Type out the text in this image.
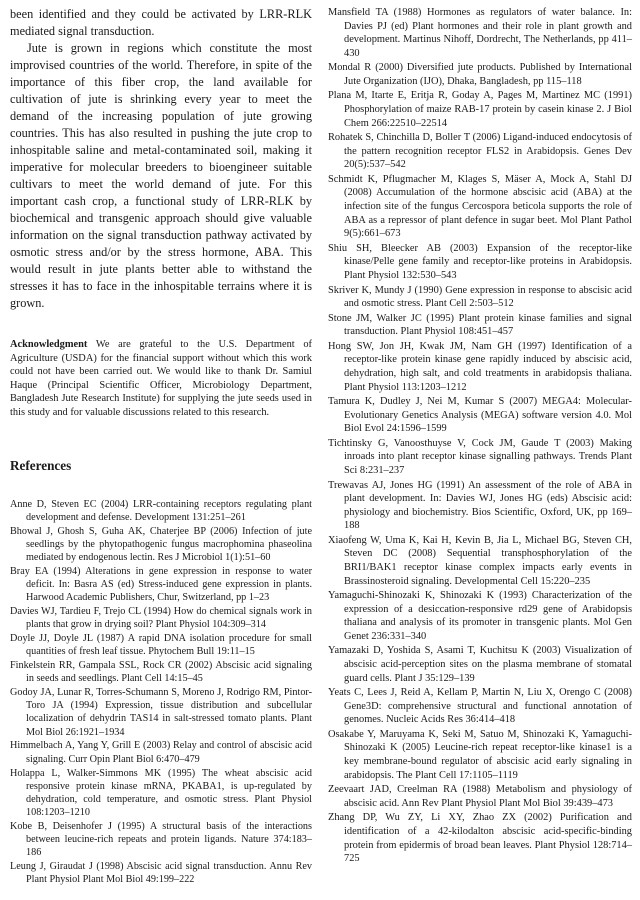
been identified and they could be activated by LRR-RLK mediated signal transduction.

Jute is grown in regions which constitute the most improvised countries of the world. Therefore, in spite of the importance of this fiber crop, the land available for cultivation of jute is shrinking every year to meet the demand of the increasing population of jute growing countries. This has also resulted in pushing the jute crop to inhospitable saline and metal-contaminated soil, making it imperative for molecular breeders to bioengineer suitable cultivars to meet the world demand of jute. For this important cash crop, a functional study of LRR-RLK by biochemical and transgenic approach should give valuable information on the signal transduction pathway activated by osmotic stress and/or by the stress hormone, ABA. This would result in jute plants better able to withstand the stresses it has to face in the inhospitable terrains where it is grown.

Acknowledgment We are grateful to the U.S. Department of Agriculture (USDA) for the financial support without which this work could not have been carried out. We would like to thank Dr. Samiul Haque (Principal Scientific Officer, Microbiology Department, Bangladesh Jute Research Institute) for supplying the jute seeds used in this study and for valuable discussions related to this research.

References

Anne D, Steven EC (2004) LRR-containing receptors regulating plant development and defense. Development 131:251–261

Bhowal J, Ghosh S, Guha AK, Chaterjee BP (2006) Infection of jute seedlings by the phytopathogenic fungus macrophomina phaseolina mediated by endogenous lectin. Res J Microbiol 1(1):51–60

Bray EA (1994) Alterations in gene expression in response to water deficit. In: Basra AS (ed) Stress-induced gene expression in plants. Harwood Academic Publishers, Chur, Switzerland, pp 1–23

Davies WJ, Tardieu F, Trejo CL (1994) How do chemical signals work in plants that grow in drying soil? Plant Physiol 104:309–314

Doyle JJ, Doyle JL (1987) A rapid DNA isolation procedure for small quantities of fresh leaf tissue. Phytochem Bull 19:11–15

Finkelstein RR, Gampala SSL, Rock CR (2002) Abscisic acid signaling in seeds and seedlings. Plant Cell 14:15–45

Godoy JA, Lunar R, Torres-Schumann S, Moreno J, Rodrigo RM, Pintor-Toro JA (1994) Expression, tissue distribution and subcellular localization of dehydrin TAS14 in salt-stressed tomato plants. Plant Mol Biol 26:1921–1934

Himmelbach A, Yang Y, Grill E (2003) Relay and control of abscisic acid signaling. Curr Opin Plant Biol 6:470–479

Holappa L, Walker-Simmons MK (1995) The wheat abscisic acid responsive protein kinase mRNA, PKABA1, is up-regulated by dehydration, cold temperature, and osmotic stress. Plant Physiol 108:1203–1210

Kobe B, Deisenhofer J (1995) A structural basis of the interactions between leucine-rich repeats and protein ligands. Nature 374:183–186

Leung J, Giraudat J (1998) Abscisic acid signal transduction. Annu Rev Plant Physiol Plant Mol Biol 49:199–222

Mansfield TA (1988) Hormones as regulators of water balance. In: Davies PJ (ed) Plant hormones and their role in plant growth and development. Martinus Nihoff, Dordrecht, The Netherlands, pp 411–430

Mondal R (2000) Diversified jute products. Published by International Jute Organization (IJO), Dhaka, Bangladesh, pp 115–118

Plana M, Itarte E, Eritja R, Goday A, Pages M, Martinez MC (1991) Phosphorylation of maize RAB-17 protein by casein kinase 2. J Biol Chem 266:22510–22514

Rohatek S, Chinchilla D, Boller T (2006) Ligand-induced endocytosis of the pattern recognition receptor FLS2 in Arabidopsis. Genes Dev 20(5):537–542

Schmidt K, Pflugmacher M, Klages S, Mäser A, Mock A, Stahl DJ (2008) Accumulation of the hormone abscisic acid (ABA) at the infection site of the fungus Cercospora beticola supports the role of ABA as a repressor of plant defence in sugar beet. Mol Plant Pathol 9(5):661–673

Shiu SH, Bleecker AB (2003) Expansion of the receptor-like kinase/Pelle gene family and receptor-like proteins in Arabidopsis. Plant Physiol 132:530–543

Skriver K, Mundy J (1990) Gene expression in response to abscisic acid and osmotic stress. Plant Cell 2:503–512

Stone JM, Walker JC (1995) Plant protein kinase families and signal transduction. Plant Physiol 108:451–457

Hong SW, Jon JH, Kwak JM, Nam GH (1997) Identification of a receptor-like protein kinase gene rapidly induced by abscisic acid, dehydration, high salt, and cold treatments in arabidopsis thaliana. Plant Physiol 113:1203–1212

Tamura K, Dudley J, Nei M, Kumar S (2007) MEGA4: Molecular-Evolutionary Genetics Analysis (MEGA) software version 4.0. Mol Biol Evol 24:1596–1599

Tichtinsky G, Vanoosthuyse V, Cock JM, Gaude T (2003) Making inroads into plant receptor kinase signalling pathways. Trends Plant Sci 8:231–237

Trewavas AJ, Jones HG (1991) An assessment of the role of ABA in plant development. In: Davies WJ, Jones HG (eds) Abscisic acid: physiology and biochemistry. Bios Scientific, Oxford, UK, pp 169–188

Xiaofeng W, Uma K, Kai H, Kevin B, Jia L, Michael BG, Steven CH, Steven DC (2008) Sequential transphosphorylation of the BRI1/BAK1 receptor kinase complex impacts early events in Brassinosteroid signaling. Developmental Cell 15:220–235

Yamaguchi-Shinozaki K, Shinozaki K (1993) Characterization of the expression of a desiccation-responsive rd29 gene of Arabidopsis thaliana and analysis of its promoter in transgenic plants. Mol Gen Genet 236:331–340

Yamazaki D, Yoshida S, Asami T, Kuchitsu K (2003) Visualization of abscisic acid-perception sites on the plasma membrane of stomatal guard cells. Plant J 35:129–139

Yeats C, Lees J, Reid A, Kellam P, Martin N, Liu X, Orengo C (2008) Gene3D: comprehensive structural and functional annotation of genomes. Nucleic Acids Res 36:414–418

Osakabe Y, Maruyama K, Seki M, Satuo M, Shinozaki K, Yamaguchi-Shinozaki K (2005) Leucine-rich repeat receptor-like kinase1 is a key membrane-bound regulator of abscisic acid early signaling in arabidopsis. The Plant Cell 17:1105–1119

Zeevaart JAD, Creelman RA (1988) Metabolism and physiology of abscisic acid. Ann Rev Plant Physiol Plant Mol Biol 39:439–473

Zhang DP, Wu ZY, Li XY, Zhao ZX (2002) Purification and identification of a 42-kilodalton abscisic acid-specific-binding protein from epidermis of broad bean leaves. Plant Physiol 128:714–725
